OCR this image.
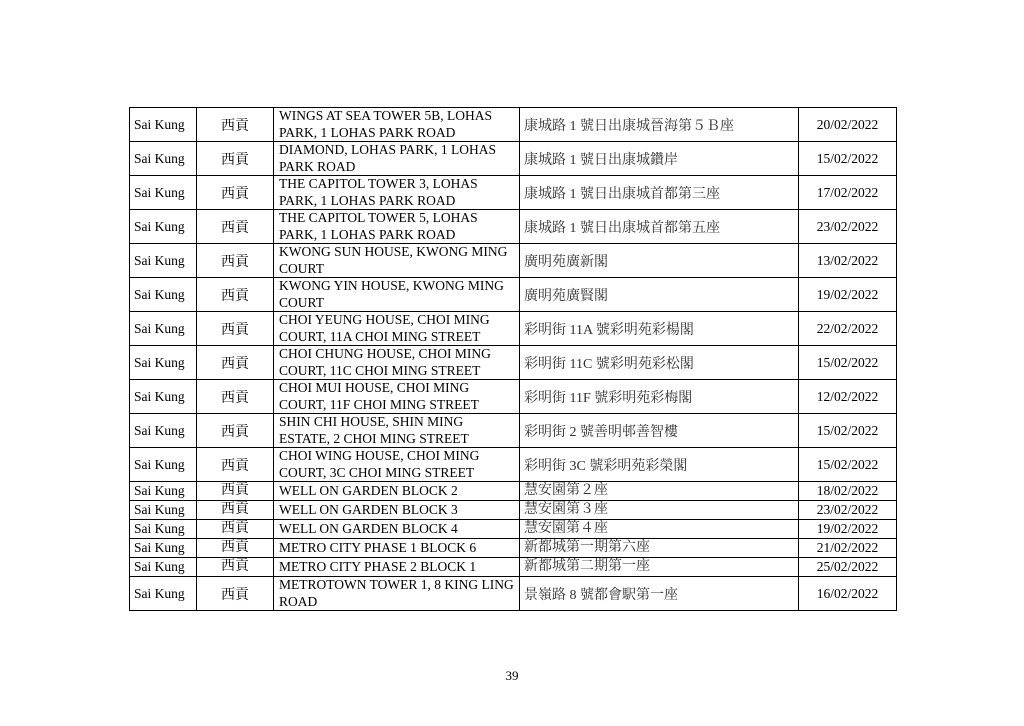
Sai Kung	西貢	WINGS AT SEA TOWER 5B, LOHAS PARK, 1 LOHAS PARK ROAD	康城路 1 號日出康城晉海第５Ｂ座	20/02/2022
Sai Kung	西貢	DIAMOND, LOHAS PARK, 1 LOHAS PARK ROAD	康城路 1 號日出康城鑽岸	15/02/2022
Sai Kung	西貢	THE CAPITOL TOWER 3, LOHAS PARK, 1 LOHAS PARK ROAD	康城路 1 號日出康城首都第三座	17/02/2022
Sai Kung	西貢	THE CAPITOL TOWER 5, LOHAS PARK, 1 LOHAS PARK ROAD	康城路 1 號日出康城首都第五座	23/02/2022
Sai Kung	西貢	KWONG SUN HOUSE, KWONG MING COURT	廣明苑廣新閣	13/02/2022
Sai Kung	西貢	KWONG YIN HOUSE, KWONG MING COURT	廣明苑廣賢閣	19/02/2022
Sai Kung	西貢	CHOI YEUNG HOUSE, CHOI MING COURT, 11A CHOI MING STREET	彩明街 11A 號彩明苑彩楊閣	22/02/2022
Sai Kung	西貢	CHOI CHUNG HOUSE, CHOI MING COURT, 11C CHOI MING STREET	彩明街 11C 號彩明苑彩松閣	15/02/2022
Sai Kung	西貢	CHOI MUI HOUSE, CHOI MING COURT, 11F CHOI MING STREET	彩明街 11F 號彩明苑彩梅閣	12/02/2022
Sai Kung	西貢	SHIN CHI HOUSE, SHIN MING ESTATE, 2 CHOI MING STREET	彩明街 2 號善明邨善智樓	15/02/2022
Sai Kung	西貢	CHOI WING HOUSE, CHOI MING COURT, 3C CHOI MING STREET	彩明街 3C 號彩明苑彩榮閣	15/02/2022
Sai Kung	西貢	WELL ON GARDEN BLOCK 2	慧安園第２座	18/02/2022
Sai Kung	西貢	WELL ON GARDEN BLOCK 3	慧安園第３座	23/02/2022
Sai Kung	西貢	WELL ON GARDEN BLOCK 4	慧安園第４座	19/02/2022
Sai Kung	西貢	METRO CITY PHASE 1 BLOCK 6	新都城第一期第六座	21/02/2022
Sai Kung	西貢	METRO CITY PHASE 2 BLOCK 1	新都城第二期第一座	25/02/2022
Sai Kung	西貢	METROTOWN TOWER 1, 8 KING LING ROAD	景嶺路 8 號都會駅第一座	16/02/2022
39
